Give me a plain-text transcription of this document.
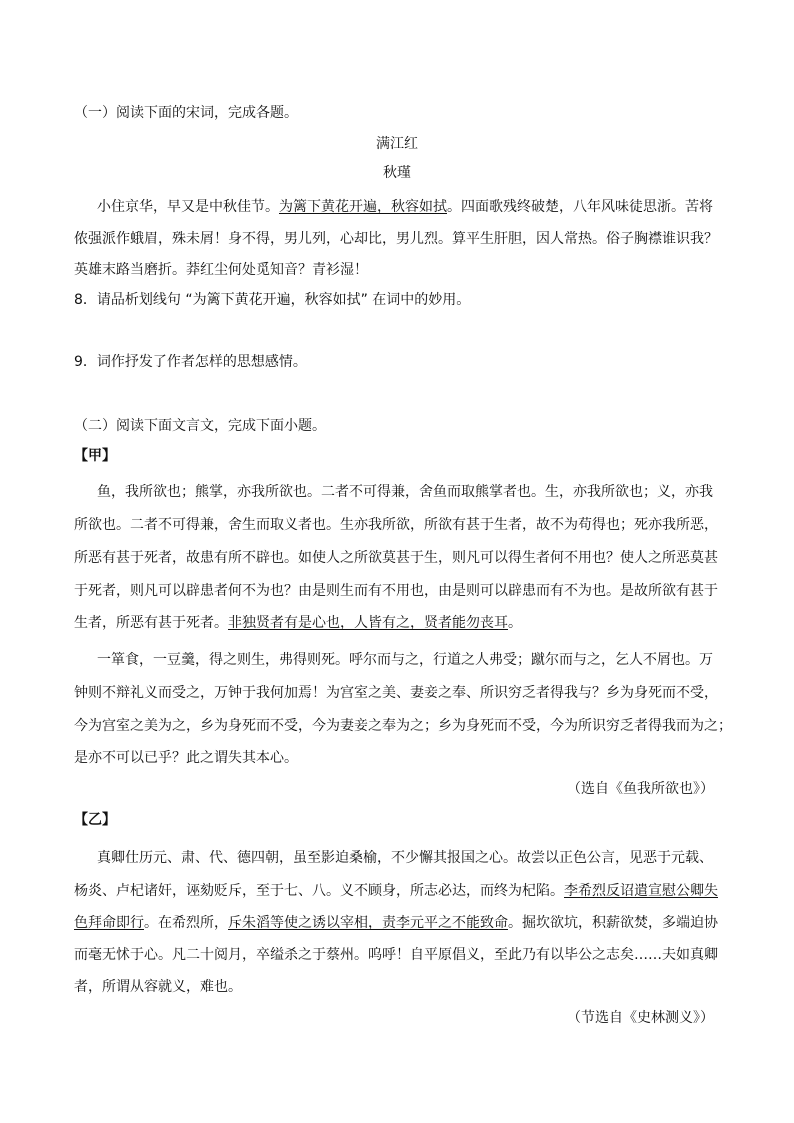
（一）阅读下面的宋词，完成各题。
满江红
秋瑾
小住京华，早又是中秋佳节。为篱下黄花开遍，秋容如拭。四面歌残终破楚，八年风味徒思浙。苦将
侬强派作蛾眉，殊未屑！身不得，男儿列，心却比，男儿烈。算平生肝胆，因人常热。俗子胸襟谁识我？
英雄末路当磨折。莽红尘何处觅知音？青衫湿！
8．请品析划线句 “为篱下黄花开遍，秋容如拭” 在词中的妙用。
9．词作抒发了作者怎样的思想感情。
（二）阅读下面文言文，完成下面小题。
【甲】
鱼，我所欲也；熊掌，亦我所欲也。二者不可得兼，舍鱼而取熊掌者也。生，亦我所欲也；义，亦我
所欲也。二者不可得兼，舍生而取义者也。生亦我所欲，所欲有甚于生者，故不为苟得也；死亦我所恶，
所恶有甚于死者，故患有所不辟也。如使人之所欲莫甚于生，则凡可以得生者何不用也？使人之所恶莫甚
于死者，则凡可以辟患者何不为也？由是则生而有不用也，由是则可以辟患而有不为也。是故所欲有甚于
生者，所恶有甚于死者。非独贤者有是心也，人皆有之，贤者能勿丧耳。
一箪食，一豆羹，得之则生，弗得则死。呼尔而与之，行道之人弗受；蹴尔而与之，乞人不屑也。万
钟则不辩礼义而受之，万钟于我何加焉！为宫室之美、妻妾之奉、所识穷乏者得我与？乡为身死而不受，
今为宫室之美为之，乡为身死而不受，今为妻妾之奉为之；乡为身死而不受，今为所识穷乏者得我而为之；
是亦不可以已乎？此之谓失其本心。
（选自《鱼我所欲也》）
【乙】
真卿仕历元、肃、代、德四朝，虽至影迫桑榆，不少懈其报国之心。故尝以正色公言，见恶于元载、
杨炎、卢杞诸奸，诬劾贬斥，至于七、八。义不顾身，所志必达，而终为杞陷。李希烈反诏遣宣慰公卿失
色拜命即行。在希烈所，斥朱滔等使之诱以宰相，责李元平之不能致命。掘坎欲坑，积薪欲焚，多端迫协
而毫无怵于心。凡二十阅月，卒缢杀之于蔡州。呜呼！自平原倡义，至此乃有以毕公之志矣……夫如真卿
者，所谓从容就义，难也。
（节选自《史林测义》）
